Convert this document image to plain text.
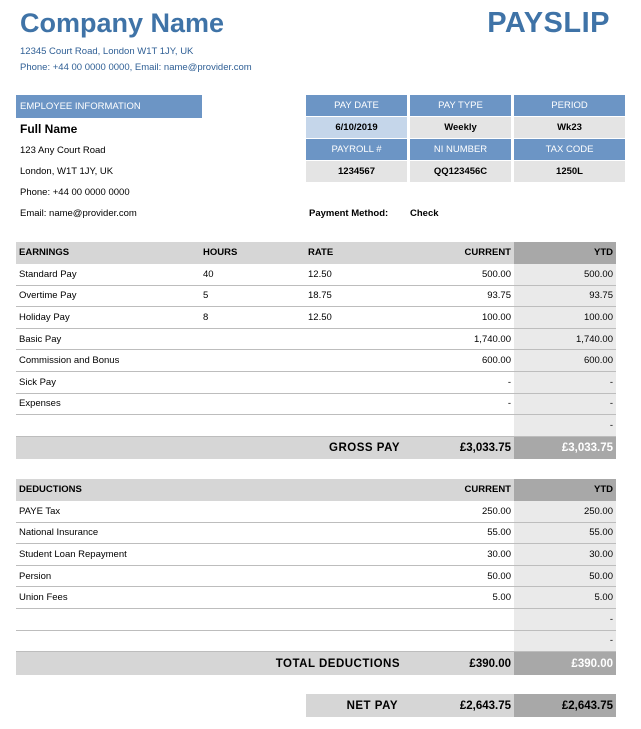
Company Name	PAYSLIP
12345 Court Road, London W1T 1JY, UK
Phone: +44 00 0000 0000, Email: name@provider.com
EMPLOYEE INFORMATION
Full Name
123 Any Court Road
London, W1T 1JY, UK
Phone: +44 00 0000 0000
Email: name@provider.com
PAY DATE	PAY TYPE	PERIOD
6/10/2019	Weekly	Wk23
PAYROLL #	NI NUMBER	TAX CODE
1234567	QQ123456C	1250L
Payment Method: Check
EARNINGS	HOURS	RATE	CURRENT	YTD
Standard Pay	40	12.50	500.00	500.00
Overtime Pay	5	18.75	93.75	93.75
Holiday Pay	8	12.50	100.00	100.00
Basic Pay			1,740.00	1,740.00
Commission and Bonus			600.00	600.00
Sick Pay			-	-
Expenses			-	-
				-
GROSS PAY			£3,033.75	£3,033.75
DEDUCTIONS	CURRENT	YTD
PAYE Tax	250.00	250.00
National Insurance	55.00	55.00
Student Loan Repayment	30.00	30.00
Persion	50.00	50.00
Union Fees	5.00	5.00
		-
		-
TOTAL DEDUCTIONS	£390.00	£390.00
NET PAY	£2,643.75	£2,643.75
